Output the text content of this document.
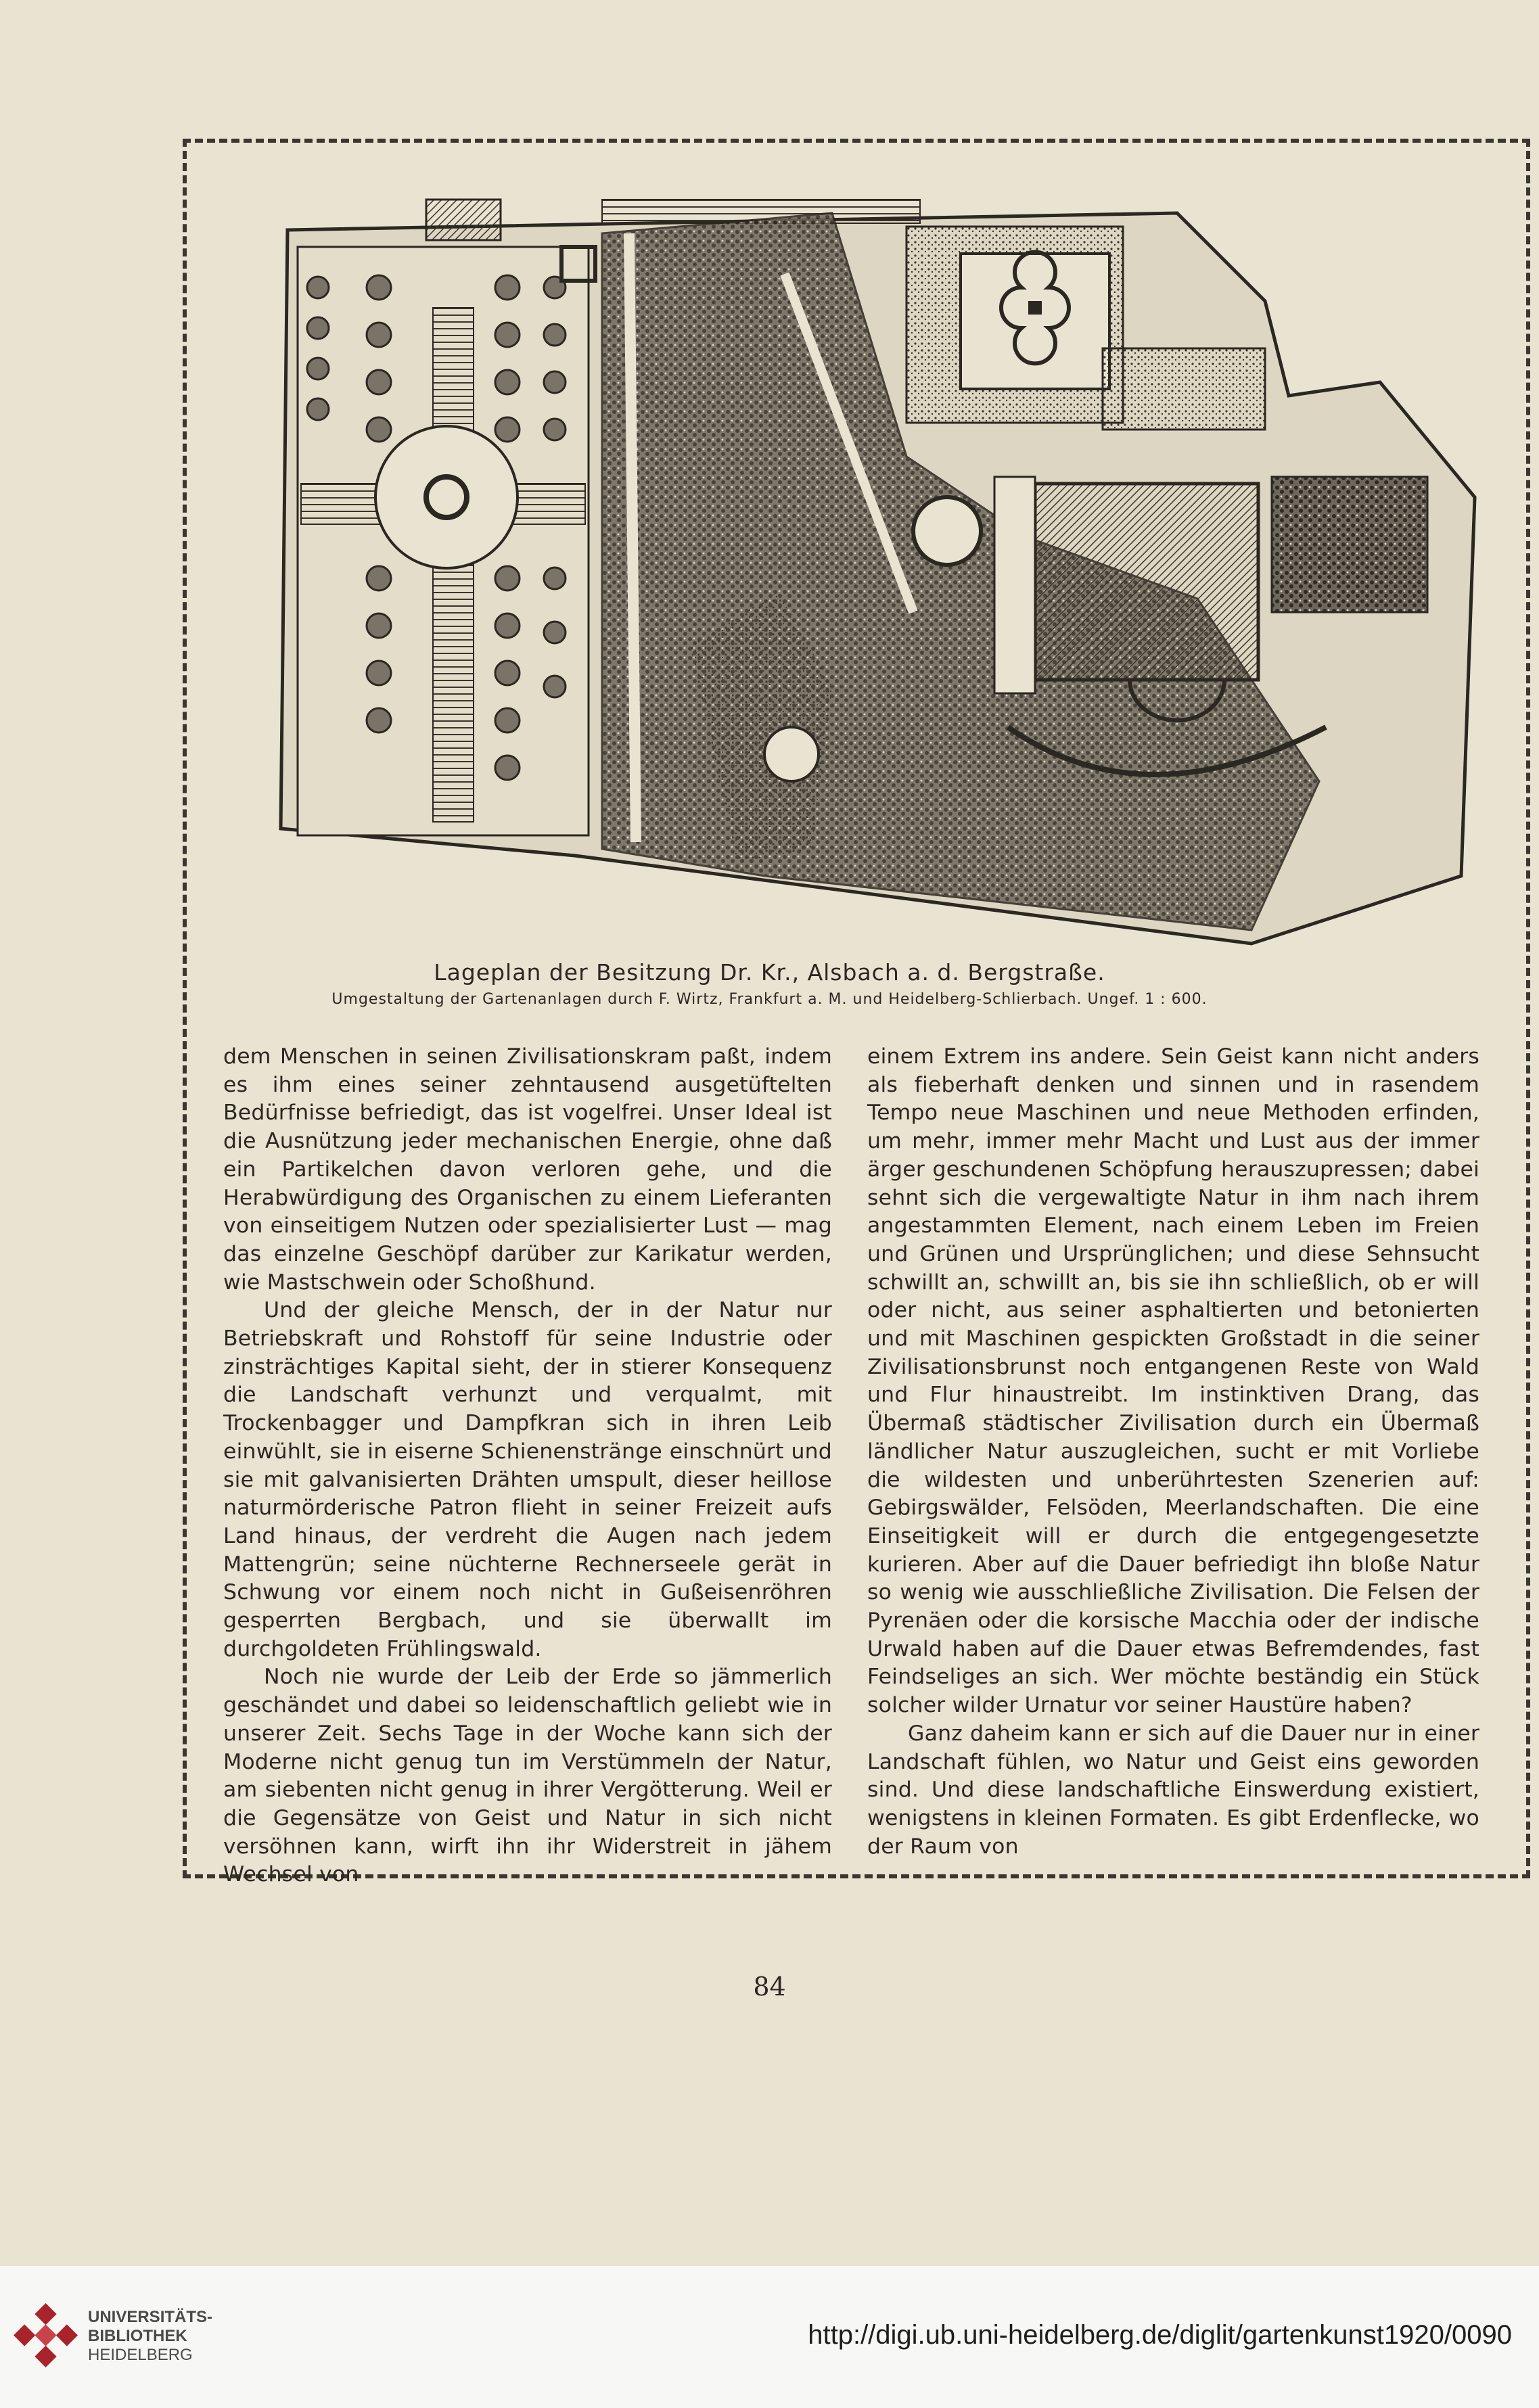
Lageplan der Besitzung Dr. Kr., Alsbach a. d. Bergstraße.
Umgestaltung der Gartenanlagen durch F. Wirtz, Frankfurt a. M. und Heidelberg-Schlierbach. Ungef. 1 : 600.

dem Menschen in seinen Zivilisationskram paßt, indem es ihm eines seiner zehntausend ausgetüftelten Bedürfnisse befriedigt, das ist vogelfrei. Unser Ideal ist die Ausnützung jeder mechanischen Energie, ohne daß ein Partikelchen davon verloren gehe, und die Herabwürdigung des Organischen zu einem Lieferanten von einseitigem Nutzen oder spezialisierter Lust — mag das einzelne Geschöpf darüber zur Karikatur werden, wie Mastschwein oder Schoßhund.

Und der gleiche Mensch, der in der Natur nur Betriebskraft und Rohstoff für seine Industrie oder zinsträchtiges Kapital sieht, der in stierer Konsequenz die Landschaft verhunzt und verqualmt, mit Trockenbagger und Dampfkran sich in ihren Leib einwühlt, sie in eiserne Schienenstränge einschnürt und sie mit galvanisierten Drähten umspult, dieser heillose naturmörderische Patron flieht in seiner Freizeit aufs Land hinaus, der verdreht die Augen nach jedem Mattengrün; seine nüchterne Rechnerseele gerät in Schwung vor einem noch nicht in Gußeisenröhren gesperrten Bergbach, und sie überwallt im durchgoldeten Frühlingswald.

Noch nie wurde der Leib der Erde so jämmerlich geschändet und dabei so leidenschaftlich geliebt wie in unserer Zeit. Sechs Tage in der Woche kann sich der Moderne nicht genug tun im Verstümmeln der Natur, am siebenten nicht genug in ihrer Vergötterung. Weil er die Gegensätze von Geist und Natur in sich nicht versöhnen kann, wirft ihn ihr Widerstreit in jähem Wechsel von

einem Extrem ins andere. Sein Geist kann nicht anders als fieberhaft denken und sinnen und in rasendem Tempo neue Maschinen und neue Methoden erfinden, um mehr, immer mehr Macht und Lust aus der immer ärger geschundenen Schöpfung herauszupressen; dabei sehnt sich die vergewaltigte Natur in ihm nach ihrem angestammten Element, nach einem Leben im Freien und Grünen und Ursprünglichen; und diese Sehnsucht schwillt an, schwillt an, bis sie ihn schließlich, ob er will oder nicht, aus seiner asphaltierten und betonierten und mit Maschinen gespickten Großstadt in die seiner Zivilisationsbrunst noch entgangenen Reste von Wald und Flur hinaustreibt. Im instinktiven Drang, das Übermaß städtischer Zivilisation durch ein Übermaß ländlicher Natur auszugleichen, sucht er mit Vorliebe die wildesten und unberührtesten Szenerien auf: Gebirgswälder, Felsöden, Meerlandschaften. Die eine Einseitigkeit will er durch die entgegengesetzte kurieren. Aber auf die Dauer befriedigt ihn bloße Natur so wenig wie ausschließliche Zivilisation. Die Felsen der Pyrenäen oder die korsische Macchia oder der indische Urwald haben auf die Dauer etwas Befremdendes, fast Feindseliges an sich. Wer möchte beständig ein Stück solcher wilder Urnatur vor seiner Haustüre haben?

Ganz daheim kann er sich auf die Dauer nur in einer Landschaft fühlen, wo Natur und Geist eins geworden sind. Und diese landschaftliche Einswerdung existiert, wenigstens in kleinen Formaten. Es gibt Erdenflecke, wo der Raum von

84
UNIVERSITÄTS-
BIBLIOTHEK
HEIDELBERG
http://digi.ub.uni-heidelberg.de/diglit/gartenkunst1920/0090
